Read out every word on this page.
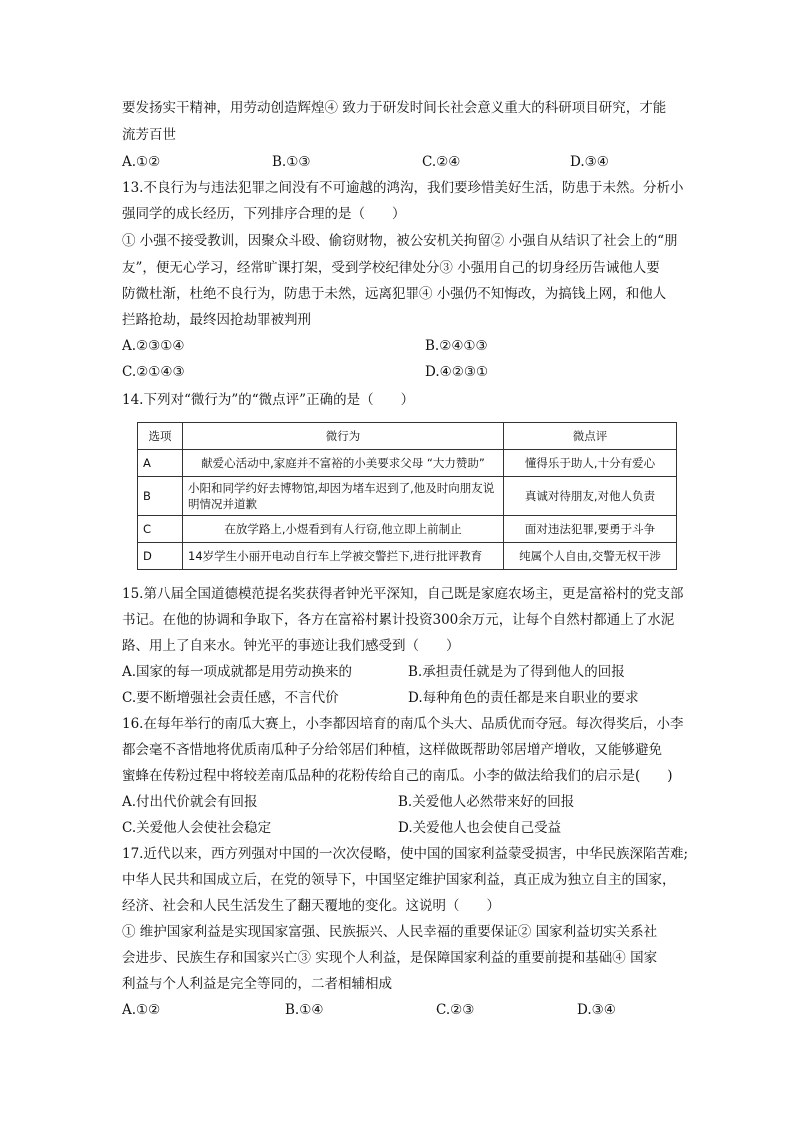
要发扬实干精神，用劳动创造辉煌④ 致力于研发时间长社会意义重大的科研项目研究，才能
流芳百世
A.①②	B.①③	C.②④	D.③④
13.不良行为与违法犯罪之间没有不可逾越的鸿沟，我们要珍惜美好生活，防患于未然。分析小
强同学的成长经历，下列排序合理的是（　　）
① 小强不接受教训，因聚众斗殴、偷窃财物，被公安机关拘留② 小强自从结识了社会上的“朋
友”，便无心学习，经常旷课打架，受到学校纪律处分③ 小强用自己的切身经历告诫他人要
防微杜渐，杜绝不良行为，防患于未然，远离犯罪④ 小强仍不知悔改，为搞钱上网，和他人
拦路抢劫，最终因抢劫罪被判刑
A.②③①④	B.②④①③
C.②①④③	D.④②③①
14.下列对“微行为”的“微点评”正确的是（　　）
选项	微行为	微点评
A	献爱心活动中,家庭并不富裕的小美要求父母 “大力赞助”	懂得乐于助人,十分有爱心
B	小阳和同学约好去博物馆,却因为堵车迟到了,他及时向朋友说明情况并道歉	真诚对待朋友,对他人负责
C	在放学路上,小煜看到有人行窃,他立即上前制止	面对违法犯罪,要勇于斗争
D	14岁学生小丽开电动自行车上学被交警拦下,进行批评教育	纯属个人自由,交警无权干涉
15.第八届全国道德模范提名奖获得者钟光平深知，自己既是家庭农场主，更是富裕村的党支部
书记。在他的协调和争取下，各方在富裕村累计投资300余万元，让每个自然村都通上了水泥
路、用上了自来水。钟光平的事迹让我们感受到（　　）
A.国家的每一项成就都是用劳动换来的	B.承担责任就是为了得到他人的回报
C.要不断增强社会责任感，不言代价	D.每种角色的责任都是来自职业的要求
16.在每年举行的南瓜大赛上，小李都因培育的南瓜个头大、品质优而夺冠。每次得奖后，小李
都会毫不吝惜地将优质南瓜种子分给邻居们种植，这样做既帮助邻居增产增收，又能够避免
蜜蜂在传粉过程中将较差南瓜品种的花粉传给自己的南瓜。小李的做法给我们的启示是(　　)
A.付出代价就会有回报	B.关爱他人必然带来好的回报
C.关爱他人会使社会稳定	D.关爱他人也会使自己受益
17.近代以来，西方列强对中国的一次次侵略，使中国的国家利益蒙受损害，中华民族深陷苦难;
中华人民共和国成立后，在党的领导下，中国坚定维护国家利益，真正成为独立自主的国家，
经济、社会和人民生活发生了翻天覆地的变化。这说明（　　）
① 维护国家利益是实现国家富强、民族振兴、人民幸福的重要保证② 国家利益切实关系社
会进步、民族生存和国家兴亡③ 实现个人利益，是保障国家利益的重要前提和基础④ 国家
利益与个人利益是完全等同的，二者相辅相成
A.①②	B.①④	C.②③	D.③④
